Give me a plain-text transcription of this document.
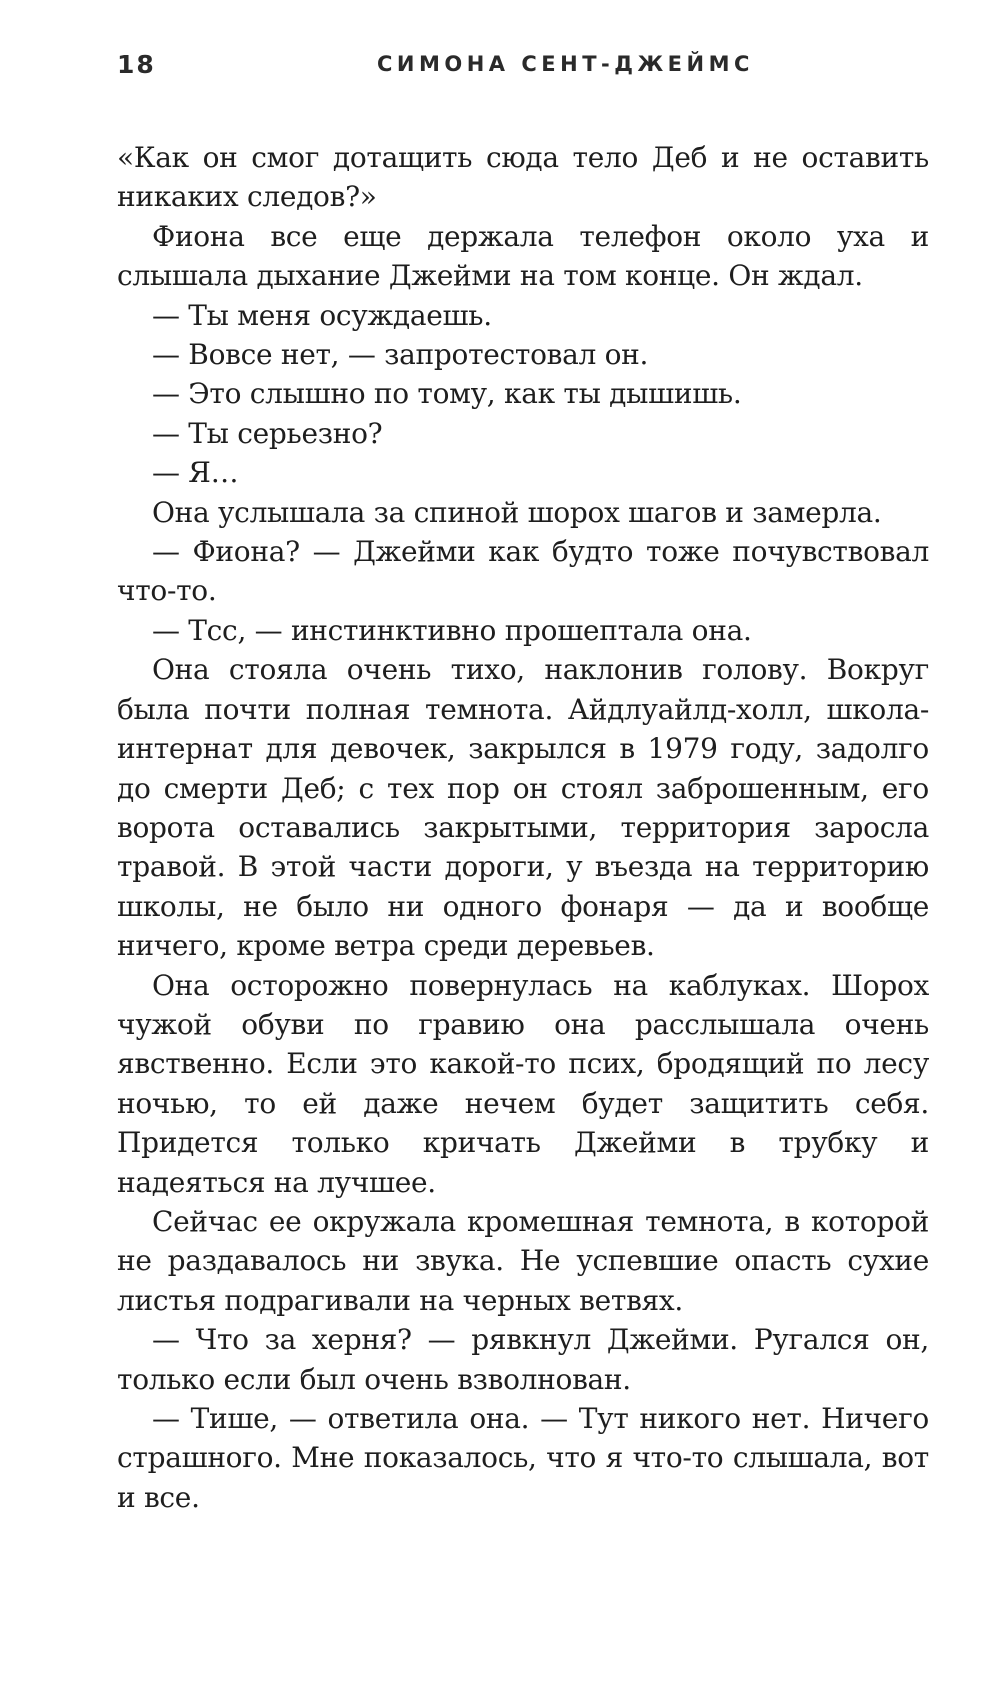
18	СИМОНА СЕНТ-ДЖЕЙМС

«Как он смог дотащить сюда тело Деб и не оставить никаких следов?»

Фиона все еще держала телефон около уха и слышала дыхание Джейми на том конце. Он ждал.

— Ты меня осуждаешь.

— Вовсе нет, — запротестовал он.

— Это слышно по тому, как ты дышишь.

— Ты серьезно?

— Я…

Она услышала за спиной шорох шагов и замерла.

— Фиона? — Джейми как будто тоже почувствовал что-то.

— Тсс, — инстинктивно прошептала она.

Она стояла очень тихо, наклонив голову. Вокруг была почти полная темнота. Айдлуайлд-холл, школа-интернат для девочек, закрылся в 1979 году, задолго до смерти Деб; с тех пор он стоял заброшенным, его ворота оставались закрытыми, территория заросла травой. В этой части дороги, у въезда на территорию школы, не было ни одного фонаря — да и вообще ничего, кроме ветра среди деревьев.

Она осторожно повернулась на каблуках. Шорох чужой обуви по гравию она расслышала очень явственно. Если это какой-то псих, бродящий по лесу ночью, то ей даже нечем будет защитить себя. Придется только кричать Джейми в трубку и надеяться на лучшее.

Сейчас ее окружала кромешная темнота, в которой не раздавалось ни звука. Не успевшие опасть сухие листья подрагивали на черных ветвях.

— Что за херня? — рявкнул Джейми. Ругался он, только если был очень взволнован.

— Тише, — ответила она. — Тут никого нет. Ничего страшного. Мне показалось, что я что-то слышала, вот и все.
